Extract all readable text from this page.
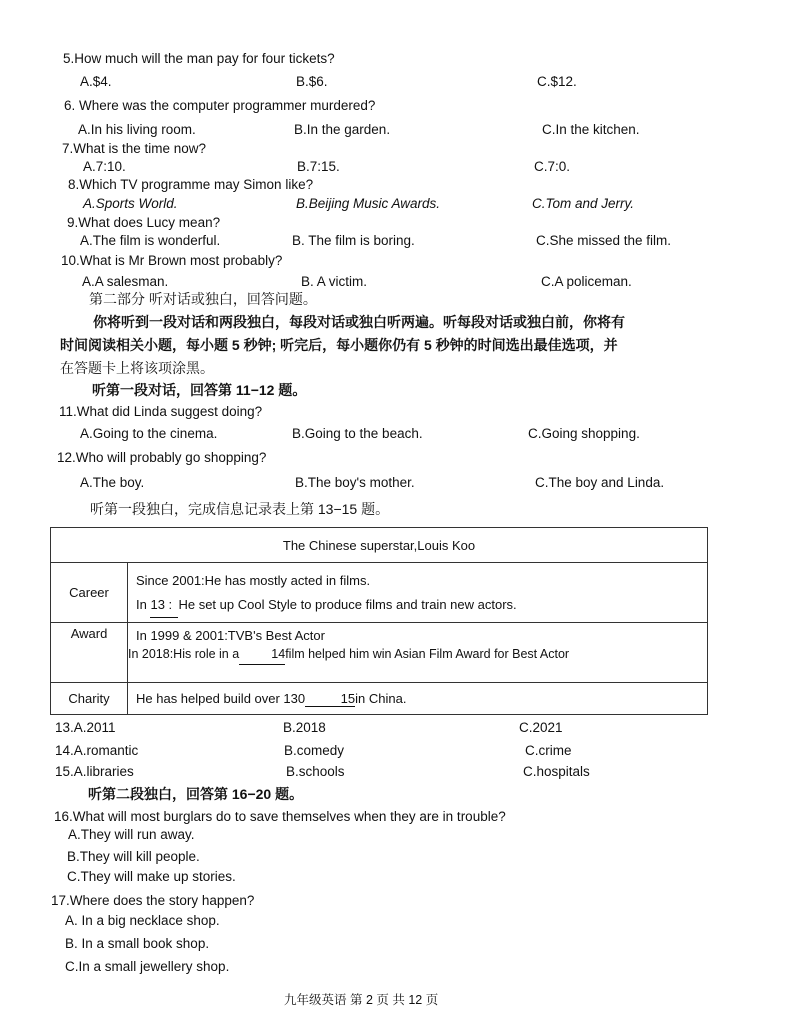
5.How much will the man pay for four tickets?
A.$4.	B.$6.	C.$12.
6. Where was the computer programmer murdered?
A.In his living room.	B.In the garden.	C.In the kitchen.
7.What is the time now?
A.7:10.	B.7:15.	C.7:0.
8.Which TV programme may Simon like?
A.Sports World.	B.Beijing Music Awards.	C.Tom and Jerry.
9.What does Lucy mean?
A.The film is wonderful.	B. The film is boring.	C.She missed the film.
10.What is Mr Brown most probably?
A.A salesman.	B. A victim.	C.A policeman.
第二部分 听对话或独白，回答问题。
你将听到一段对话和两段独白，每段对话或独白听两遍。听每段对话或独白前，你将有
时间阅读相关小题，每小题 5 秒钟; 听完后，每小题你仍有 5 秒钟的时间选出最佳选项，并
在答题卡上将该项涂黑。
听第一段对话，回答第 11−12 题。
11.What did Linda suggest doing?
A.Going to the cinema.	B.Going to the beach.	C.Going shopping.
12.Who will probably go shopping?
A.The boy.	B.The boy's mother.	C.The boy and Linda.
听第一段独白，完成信息记录表上第 13−15 题。
The Chinese superstar,Louis Koo	
Career	Since 2001:He has mostly acted in films.
In 13 : He set up Cool Style to produce films and train new actors.

Award	In 1999 & 2001:TVB's Best Actor
In 2018:His role in a 14film helped him win Asian Film Award for Best Actor

Charity	He has helped build over 130 15in China.
13.A.2011	B.2018	C.2021
14.A.romantic	B.comedy	C.crime
15.A.libraries	B.schools	C.hospitals
听第二段独白，回答第 16−20 题。
16.What will most burglars do to save themselves when they are in trouble?
A.They will run away.
B.They will kill people.
C.They will make up stories.
17.Where does the story happen?
A. In a big necklace shop.
B. In a small book shop.
C.In a small jewellery shop.
九年级英语 第 2 页 共 12 页
